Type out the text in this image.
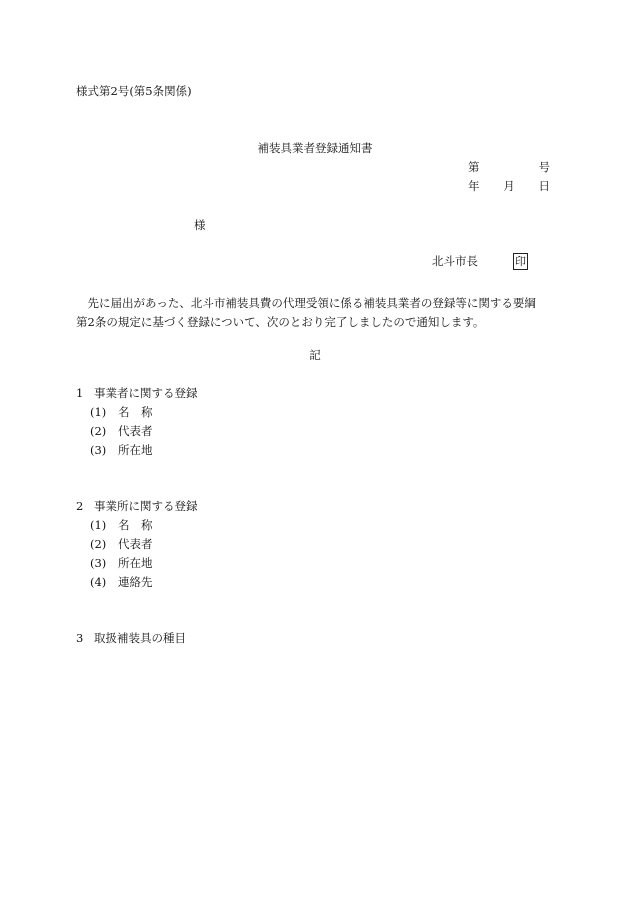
様式第2号(第5条関係)
補装具業者登録通知書
第	号
年 月 日
様
北斗市長	印
先に届出があった、北斗市補装具費の代理受領に係る補装具業者の登録等に関する要綱第2条の規定に基づく登録について、次のとおり完了しましたので通知します。
記
1 事業者に関する登録
(1) 名　称
(2) 代表者
(3) 所在地
2 事業所に関する登録
(1) 名　称
(2) 代表者
(3) 所在地
(4) 連絡先
3 取扱補装具の種目
